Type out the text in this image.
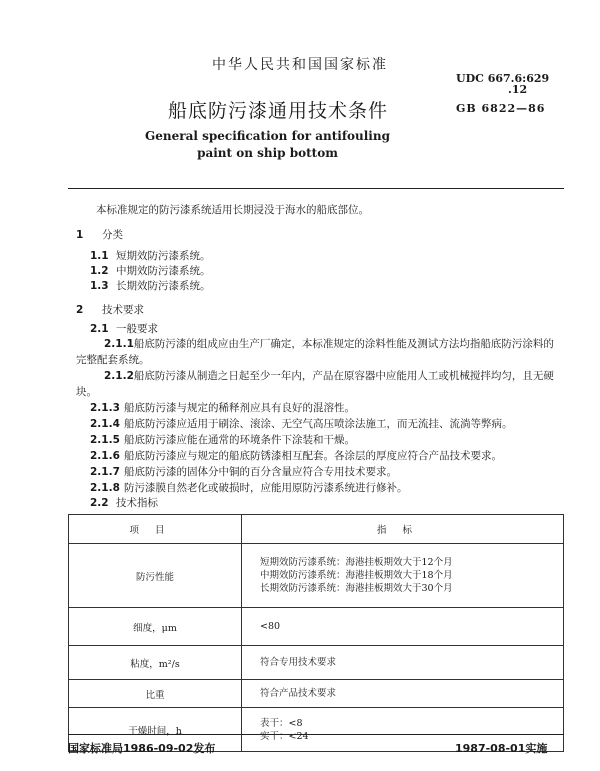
中华人民共和国国家标准
UDC 667.6:629
.12
船底防污漆通用技术条件	GB 6822—86
General specification for antifouling
paint on ship bottom
本标准规定的防污漆系统适用长期浸没于海水的船底部位。
1 分类
1.1 短期效防污漆系统。
1.2 中期效防污漆系统。
1.3 长期效防污漆系统。
2 技术要求
2.1 一般要求
2.1.1船底防污漆的组成应由生产厂确定，本标准规定的涂料性能及测试方法均指船底防污涂料的完整配套系统。
2.1.2船底防污漆从制造之日起至少一年内，产品在原容器中应能用人工或机械搅拌均匀，且无硬块。
2.1.3 船底防污漆与规定的稀释剂应具有良好的混溶性。
2.1.4 船底防污漆应适用于刷涂、滚涂、无空气高压喷涂法施工，而无流挂、流淌等弊病。
2.1.5 船底防污漆应能在通常的环境条件下涂装和干燥。
2.1.6 船底防污漆应与规定的船底防锈漆相互配套。各涂层的厚度应符合产品技术要求。
2.1.7 船底防污漆的固体分中铜的百分含量应符合专用技术要求。
2.1.8 防污漆膜自然老化或破损时，应能用原防污漆系统进行修补。
2.2 技术指标
项目	指标
防污性能	短期效防污漆系统：海港挂板期效大于12个月
中期效防污漆系统：海港挂板期效大于18个月
长期效防污漆系统：海港挂板期效大于30个月

细度，μm	<80

粘度，m²/s	符合专用技术要求

比重	符合产品技术要求

干燥时间，h	表干：<8
实干：<24
国家标准局1986-09-02发布	1987-08-01实施
